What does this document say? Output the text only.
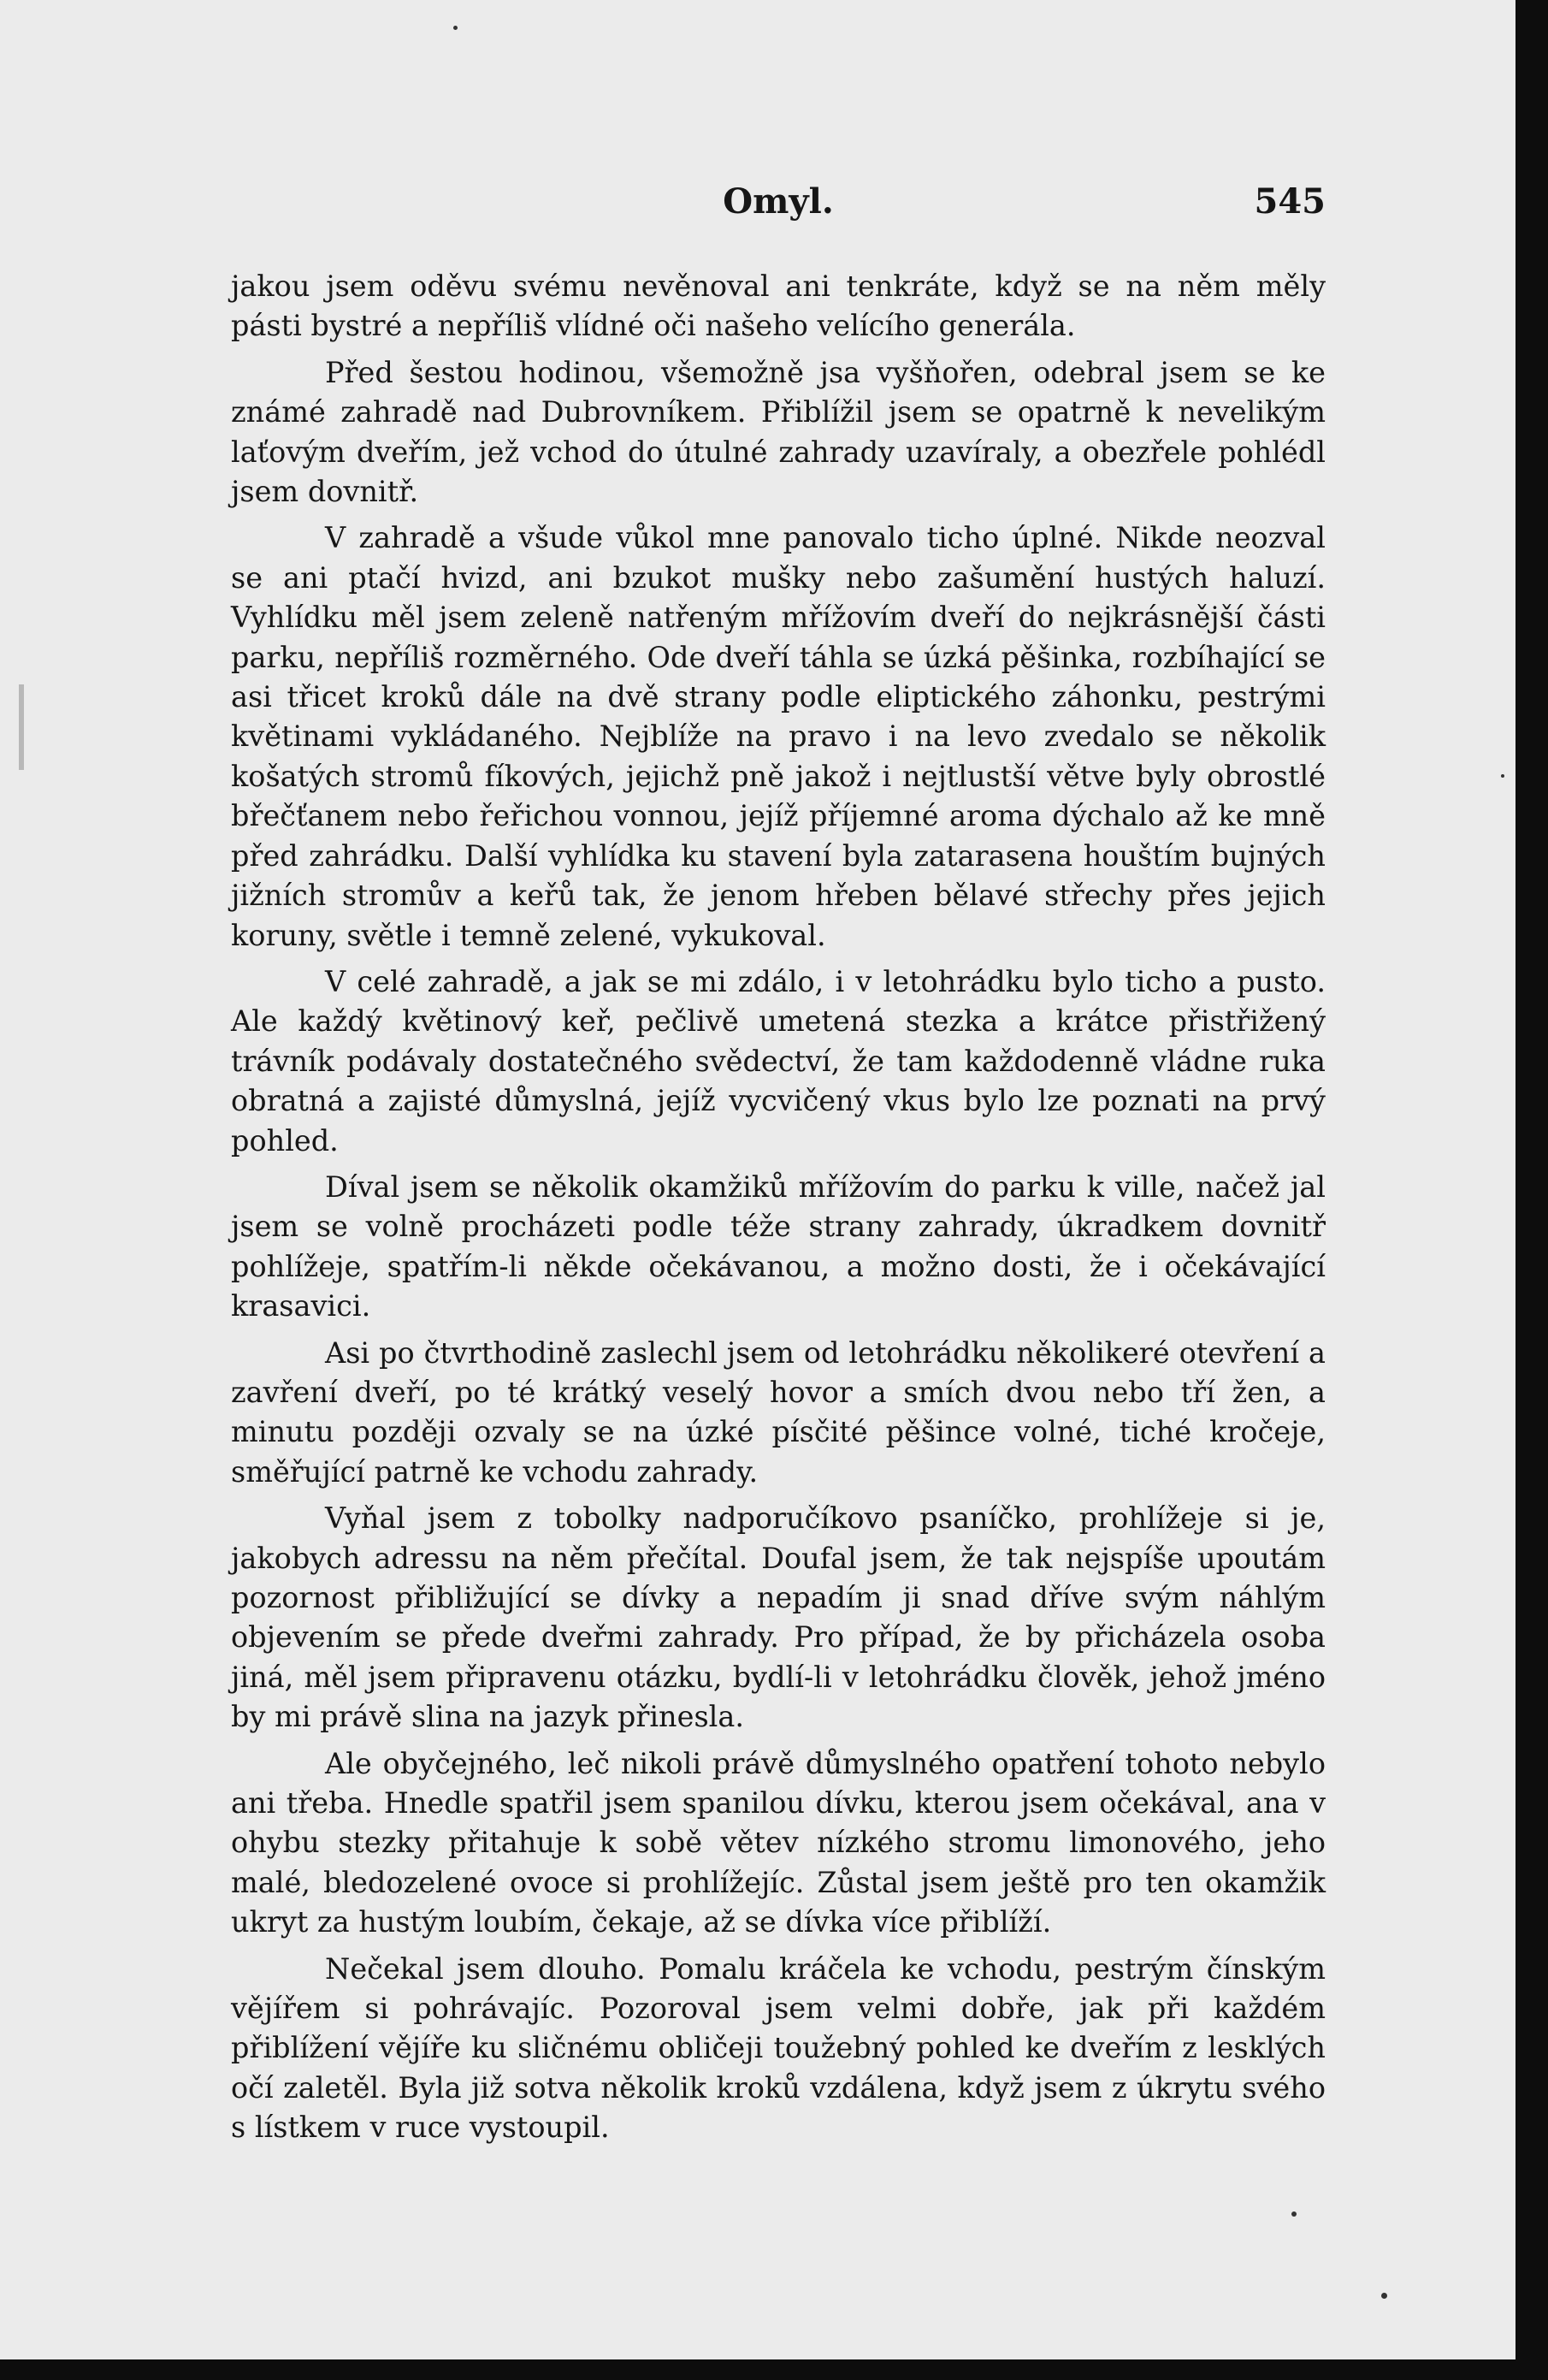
Omyl.	545

jakou jsem oděvu svému nevěnoval ani tenkráte, když se na něm měly pásti bystré a nepříliš vlídné oči našeho velícího generála.

Před šestou hodinou, všemožně jsa vyšňořen, odebral jsem se ke známé zahradě nad Dubrovníkem. Přiblížil jsem se opatrně k nevelikým laťovým dveřím, jež vchod do útulné zahrady uzavíraly, a obezřele pohlédl jsem dovnitř.

V zahradě a všude vůkol mne panovalo ticho úplné. Nikde neozval se ani ptačí hvizd, ani bzukot mušky nebo zašumění hustých haluzí. Vyhlídku měl jsem zeleně natřeným mřížovím dveří do nejkrásnější části parku, nepříliš rozměrného. Ode dveří táhla se úzká pěšinka, rozbíhající se asi třicet kroků dále na dvě strany podle eliptického záhonku, pestrými květinami vykládaného. Nejblíže na pravo i na levo zvedalo se několik košatých stromů fíkových, jejichž pně jakož i nejtlustší větve byly obrostlé břečťanem nebo řeřichou vonnou, jejíž příjemné aroma dýchalo až ke mně před zahrádku. Další vyhlídka ku stavení byla zatarasena houštím bujných jižních stromův a keřů tak, že jenom hřeben bělavé střechy přes jejich koruny, světle i temně zelené, vykukoval.

V celé zahradě, a jak se mi zdálo, i v letohrádku bylo ticho a pusto. Ale každý květinový keř, pečlivě umetená stezka a krátce přistřižený trávník podávaly dostatečného svědectví, že tam každodenně vládne ruka obratná a zajisté důmyslná, jejíž vycvičený vkus bylo lze poznati na prvý pohled.

Díval jsem se několik okamžiků mřížovím do parku k ville, načež jal jsem se volně procházeti podle téže strany zahrady, úkradkem dovnitř pohlížeje, spatřím-li někde očekávanou, a možno dosti, že i očekávající krasavici.

Asi po čtvrthodině zaslechl jsem od letohrádku několikeré otevření a zavření dveří, po té krátký veselý hovor a smích dvou nebo tří žen, a minutu později ozvaly se na úzké písčité pěšince volné, tiché kročeje, směřující patrně ke vchodu zahrady.

Vyňal jsem z tobolky nadporučíkovo psaníčko, prohlížeje si je, jakobych adressu na něm přečítal. Doufal jsem, že tak nejspíše upoutám pozornost přibližující se dívky a nepadím ji snad dříve svým náhlým objevením se přede dveřmi zahrady. Pro případ, že by přicházela osoba jiná, měl jsem připravenu otázku, bydlí-li v letohrádku člověk, jehož jméno by mi právě slina na jazyk přinesla.

Ale obyčejného, leč nikoli právě důmyslného opatření tohoto nebylo ani třeba. Hnedle spatřil jsem spanilou dívku, kterou jsem očekával, ana v ohybu stezky přitahuje k sobě větev nízkého stromu limonového, jeho malé, bledozelené ovoce si prohlížejíc. Zůstal jsem ještě pro ten okamžik ukryt za hustým loubím, čekaje, až se dívka více přiblíží.

Nečekal jsem dlouho. Pomalu kráčela ke vchodu, pestrým čínským vějířem si pohrávajíc. Pozoroval jsem velmi dobře, jak při každém přiblížení vějíře ku sličnému obličeji toužebný pohled ke dveřím z lesklých očí zaletěl. Byla již sotva několik kroků vzdálena, když jsem z úkrytu svého s lístkem v ruce vystoupil.
